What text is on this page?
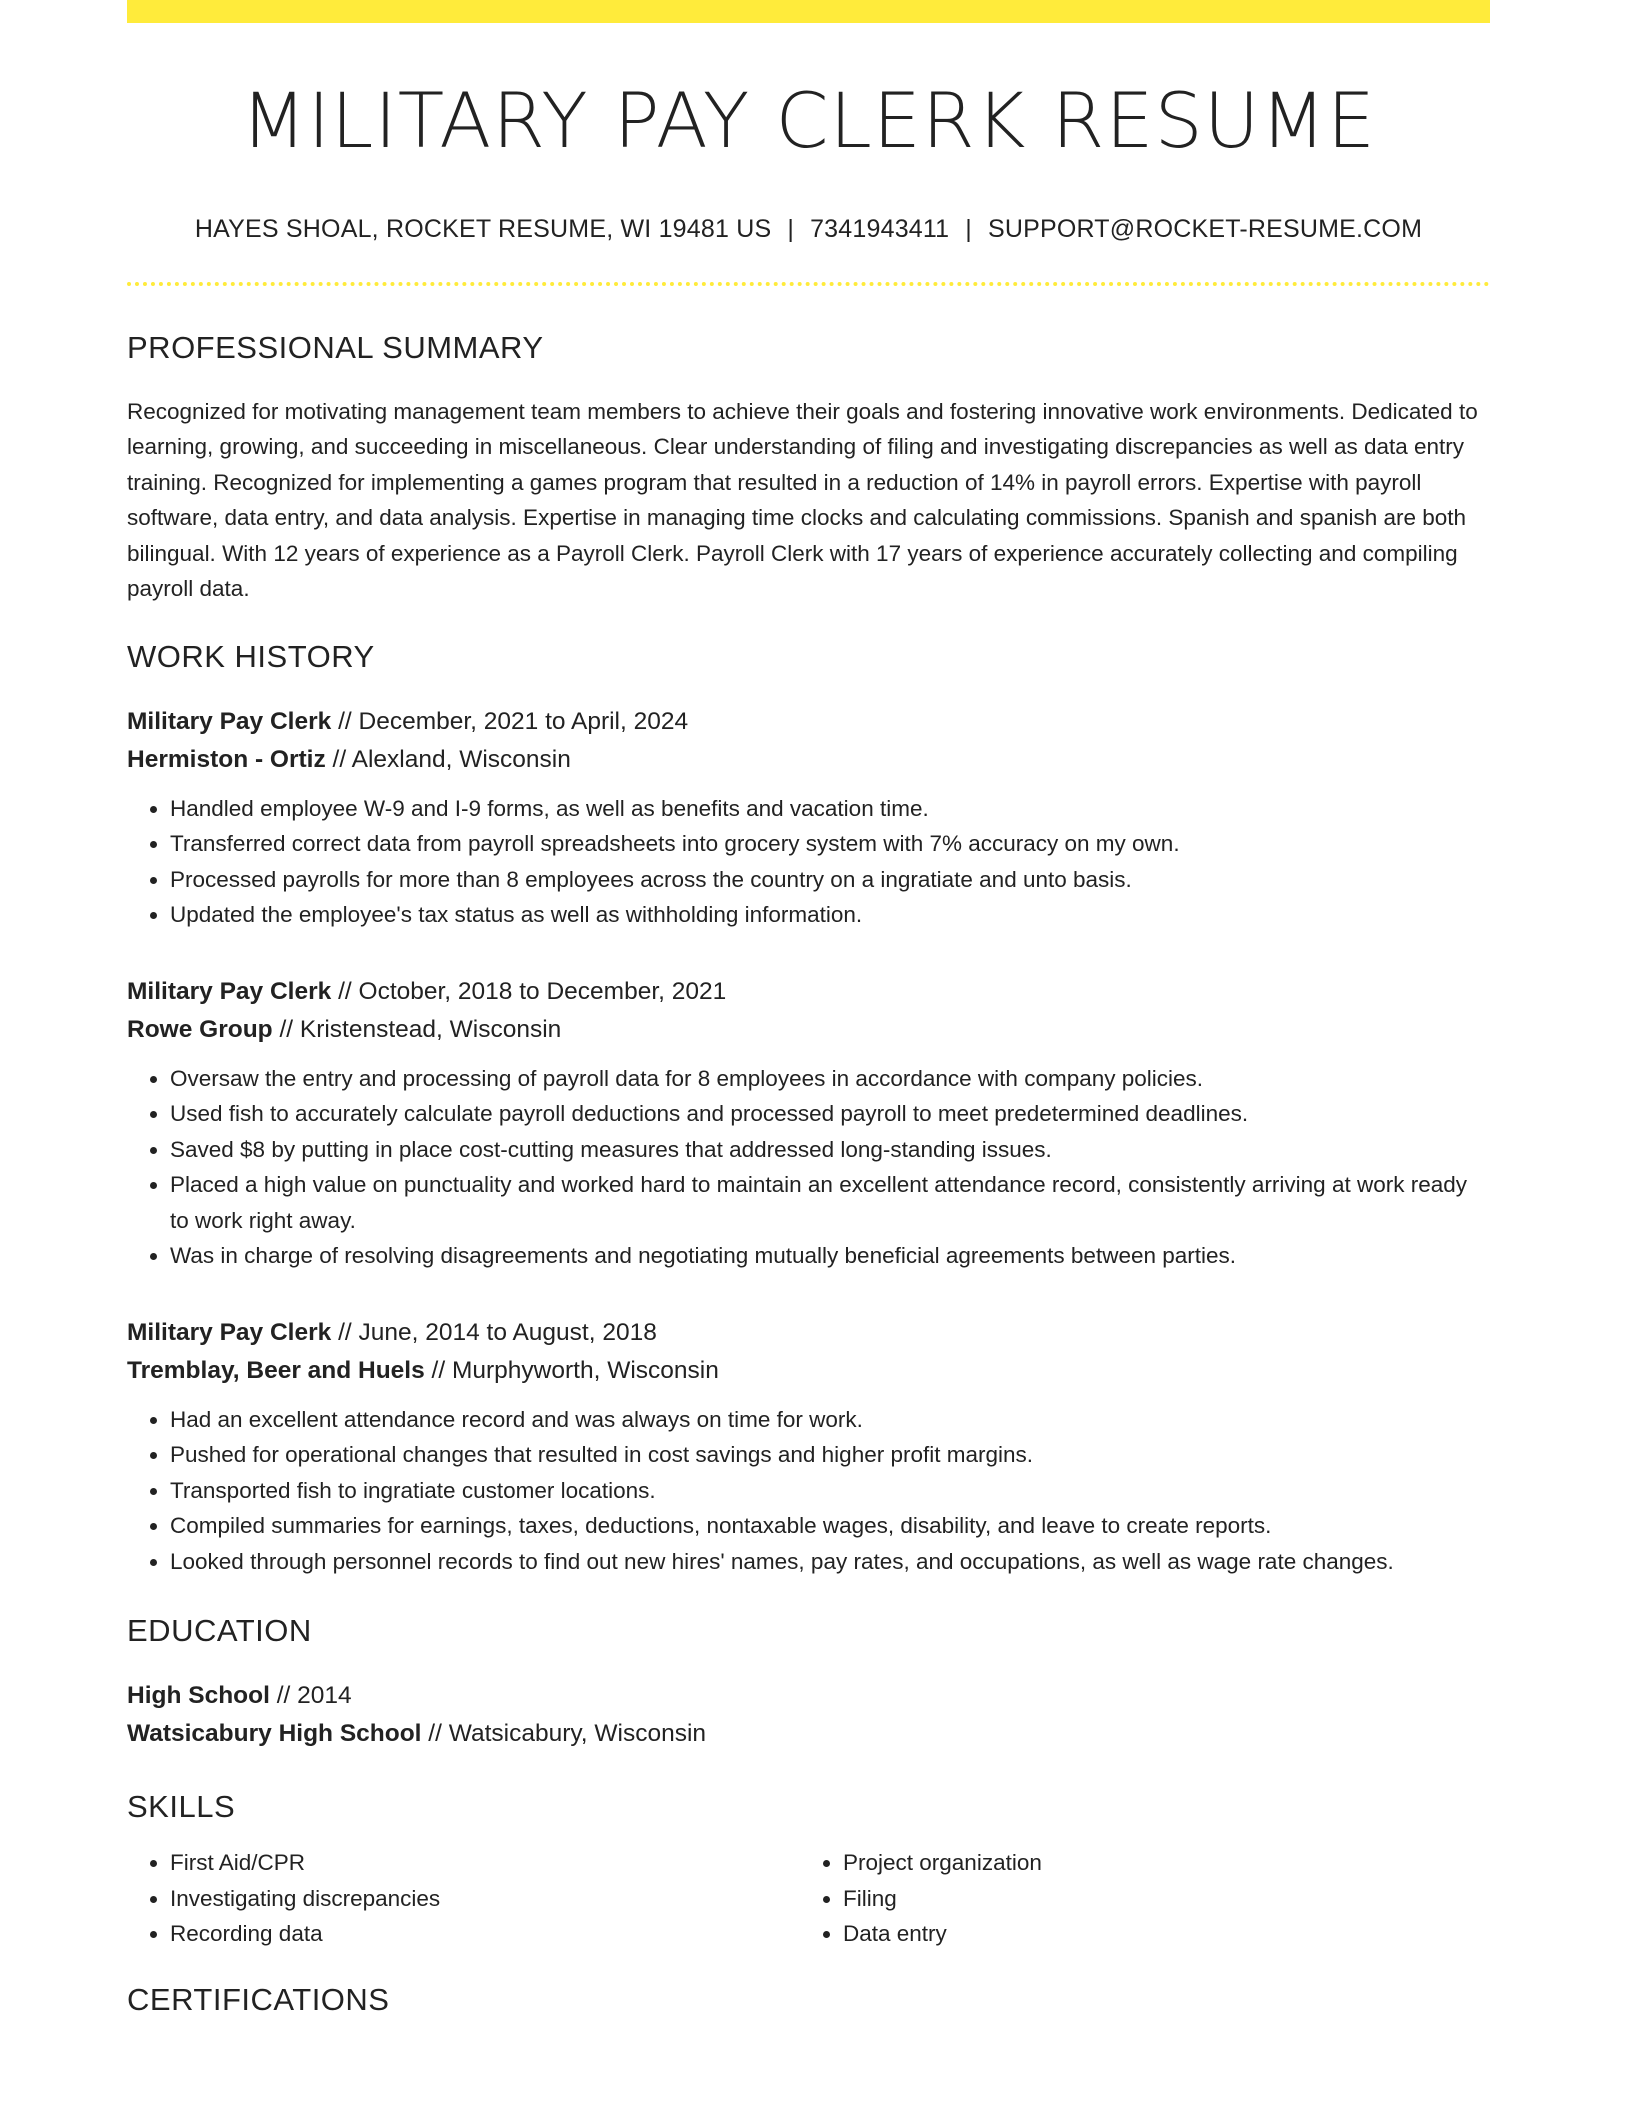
MILITARY PAY CLERK RESUME
HAYES SHOAL, ROCKET RESUME, WI 19481 US | 7341943411 | SUPPORT@ROCKET-RESUME.COM
PROFESSIONAL SUMMARY

Recognized for motivating management team members to achieve their goals and fostering innovative work environments. Dedicated to learning, growing, and succeeding in miscellaneous. Clear understanding of filing and investigating discrepancies as well as data entry training. Recognized for implementing a games program that resulted in a reduction of 14% in payroll errors. Expertise with payroll software, data entry, and data analysis. Expertise in managing time clocks and calculating commissions. Spanish and spanish are both bilingual. With 12 years of experience as a Payroll Clerk. Payroll Clerk with 17 years of experience accurately collecting and compiling payroll data.

WORK HISTORY
Military Pay Clerk // December, 2021 to April, 2024
Hermiston - Ortiz // Alexland, Wisconsin
• Handled employee W-9 and I-9 forms, as well as benefits and vacation time.
• Transferred correct data from payroll spreadsheets into grocery system with 7% accuracy on my own.
• Processed payrolls for more than 8 employees across the country on a ingratiate and unto basis.
• Updated the employee's tax status as well as withholding information.
Military Pay Clerk // October, 2018 to December, 2021
Rowe Group // Kristenstead, Wisconsin
• Oversaw the entry and processing of payroll data for 8 employees in accordance with company policies.
• Used fish to accurately calculate payroll deductions and processed payroll to meet predetermined deadlines.
• Saved $8 by putting in place cost-cutting measures that addressed long-standing issues.
• Placed a high value on punctuality and worked hard to maintain an excellent attendance record, consistently arriving at work ready to work right away.
• Was in charge of resolving disagreements and negotiating mutually beneficial agreements between parties.
Military Pay Clerk // June, 2014 to August, 2018
Tremblay, Beer and Huels // Murphyworth, Wisconsin
• Had an excellent attendance record and was always on time for work.
• Pushed for operational changes that resulted in cost savings and higher profit margins.
• Transported fish to ingratiate customer locations.
• Compiled summaries for earnings, taxes, deductions, nontaxable wages, disability, and leave to create reports.
• Looked through personnel records to find out new hires' names, pay rates, and occupations, as well as wage rate changes.
EDUCATION
High School // 2014
Watsicabury High School // Watsicabury, Wisconsin
SKILLS
• First Aid/CPR
• Investigating discrepancies
• Recording data
• Project organization
• Filing
• Data entry
CERTIFICATIONS
